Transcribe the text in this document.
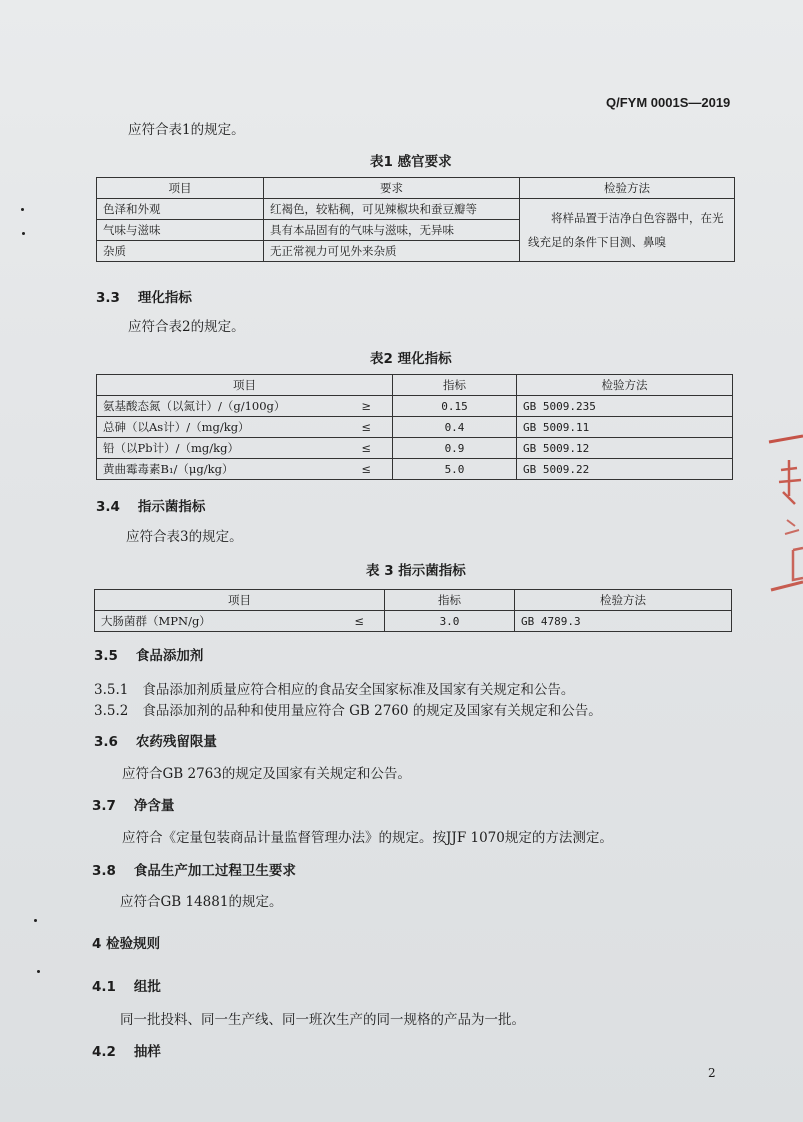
Q/FYM 0001S—2019
应符合表1的规定。
表1 感官要求
项目	要求	检验方法
色泽和外观	红褐色，较粘稠，可见辣椒块和蚕豆瓣等	将样品置于洁净白色容器中，在光线充足的条件下目测、鼻嗅
气味与滋味	具有本品固有的气味与滋味，无异味	
杂质	无正常视力可见外来杂质	
3.3 理化指标
应符合表2的规定。
表2 理化指标
项目		指标	检验方法
氨基酸态氮（以氮计）/（g/100g）	≥	0.15	GB 5009.235
总砷（以As计）/（mg/kg）	≤	0.4	GB 5009.11
铅（以Pb计）/（mg/kg）	≤	0.9	GB 5009.12
黄曲霉毒素B₁/（μg/kg）	≤	5.0	GB 5009.22
3.4 指示菌指标
应符合表3的规定。
表 3 指示菌指标
项目		指标	检验方法
大肠菌群（MPN/g）	≤	3.0	GB 4789.3
3.5 食品添加剂
3.5.1 食品添加剂质量应符合相应的食品安全国家标准及国家有关规定和公告。
3.5.2 食品添加剂的品种和使用量应符合 GB 2760 的规定及国家有关规定和公告。
3.6 农药残留限量
应符合GB 2763的规定及国家有关规定和公告。
3.7 净含量
应符合《定量包装商品计量监督管理办法》的规定。按JJF 1070规定的方法测定。
3.8 食品生产加工过程卫生要求
应符合GB 14881的规定。
4 检验规则
4.1 组批
同一批投料、同一生产线、同一班次生产的同一规格的产品为一批。
4.2 抽样
2
